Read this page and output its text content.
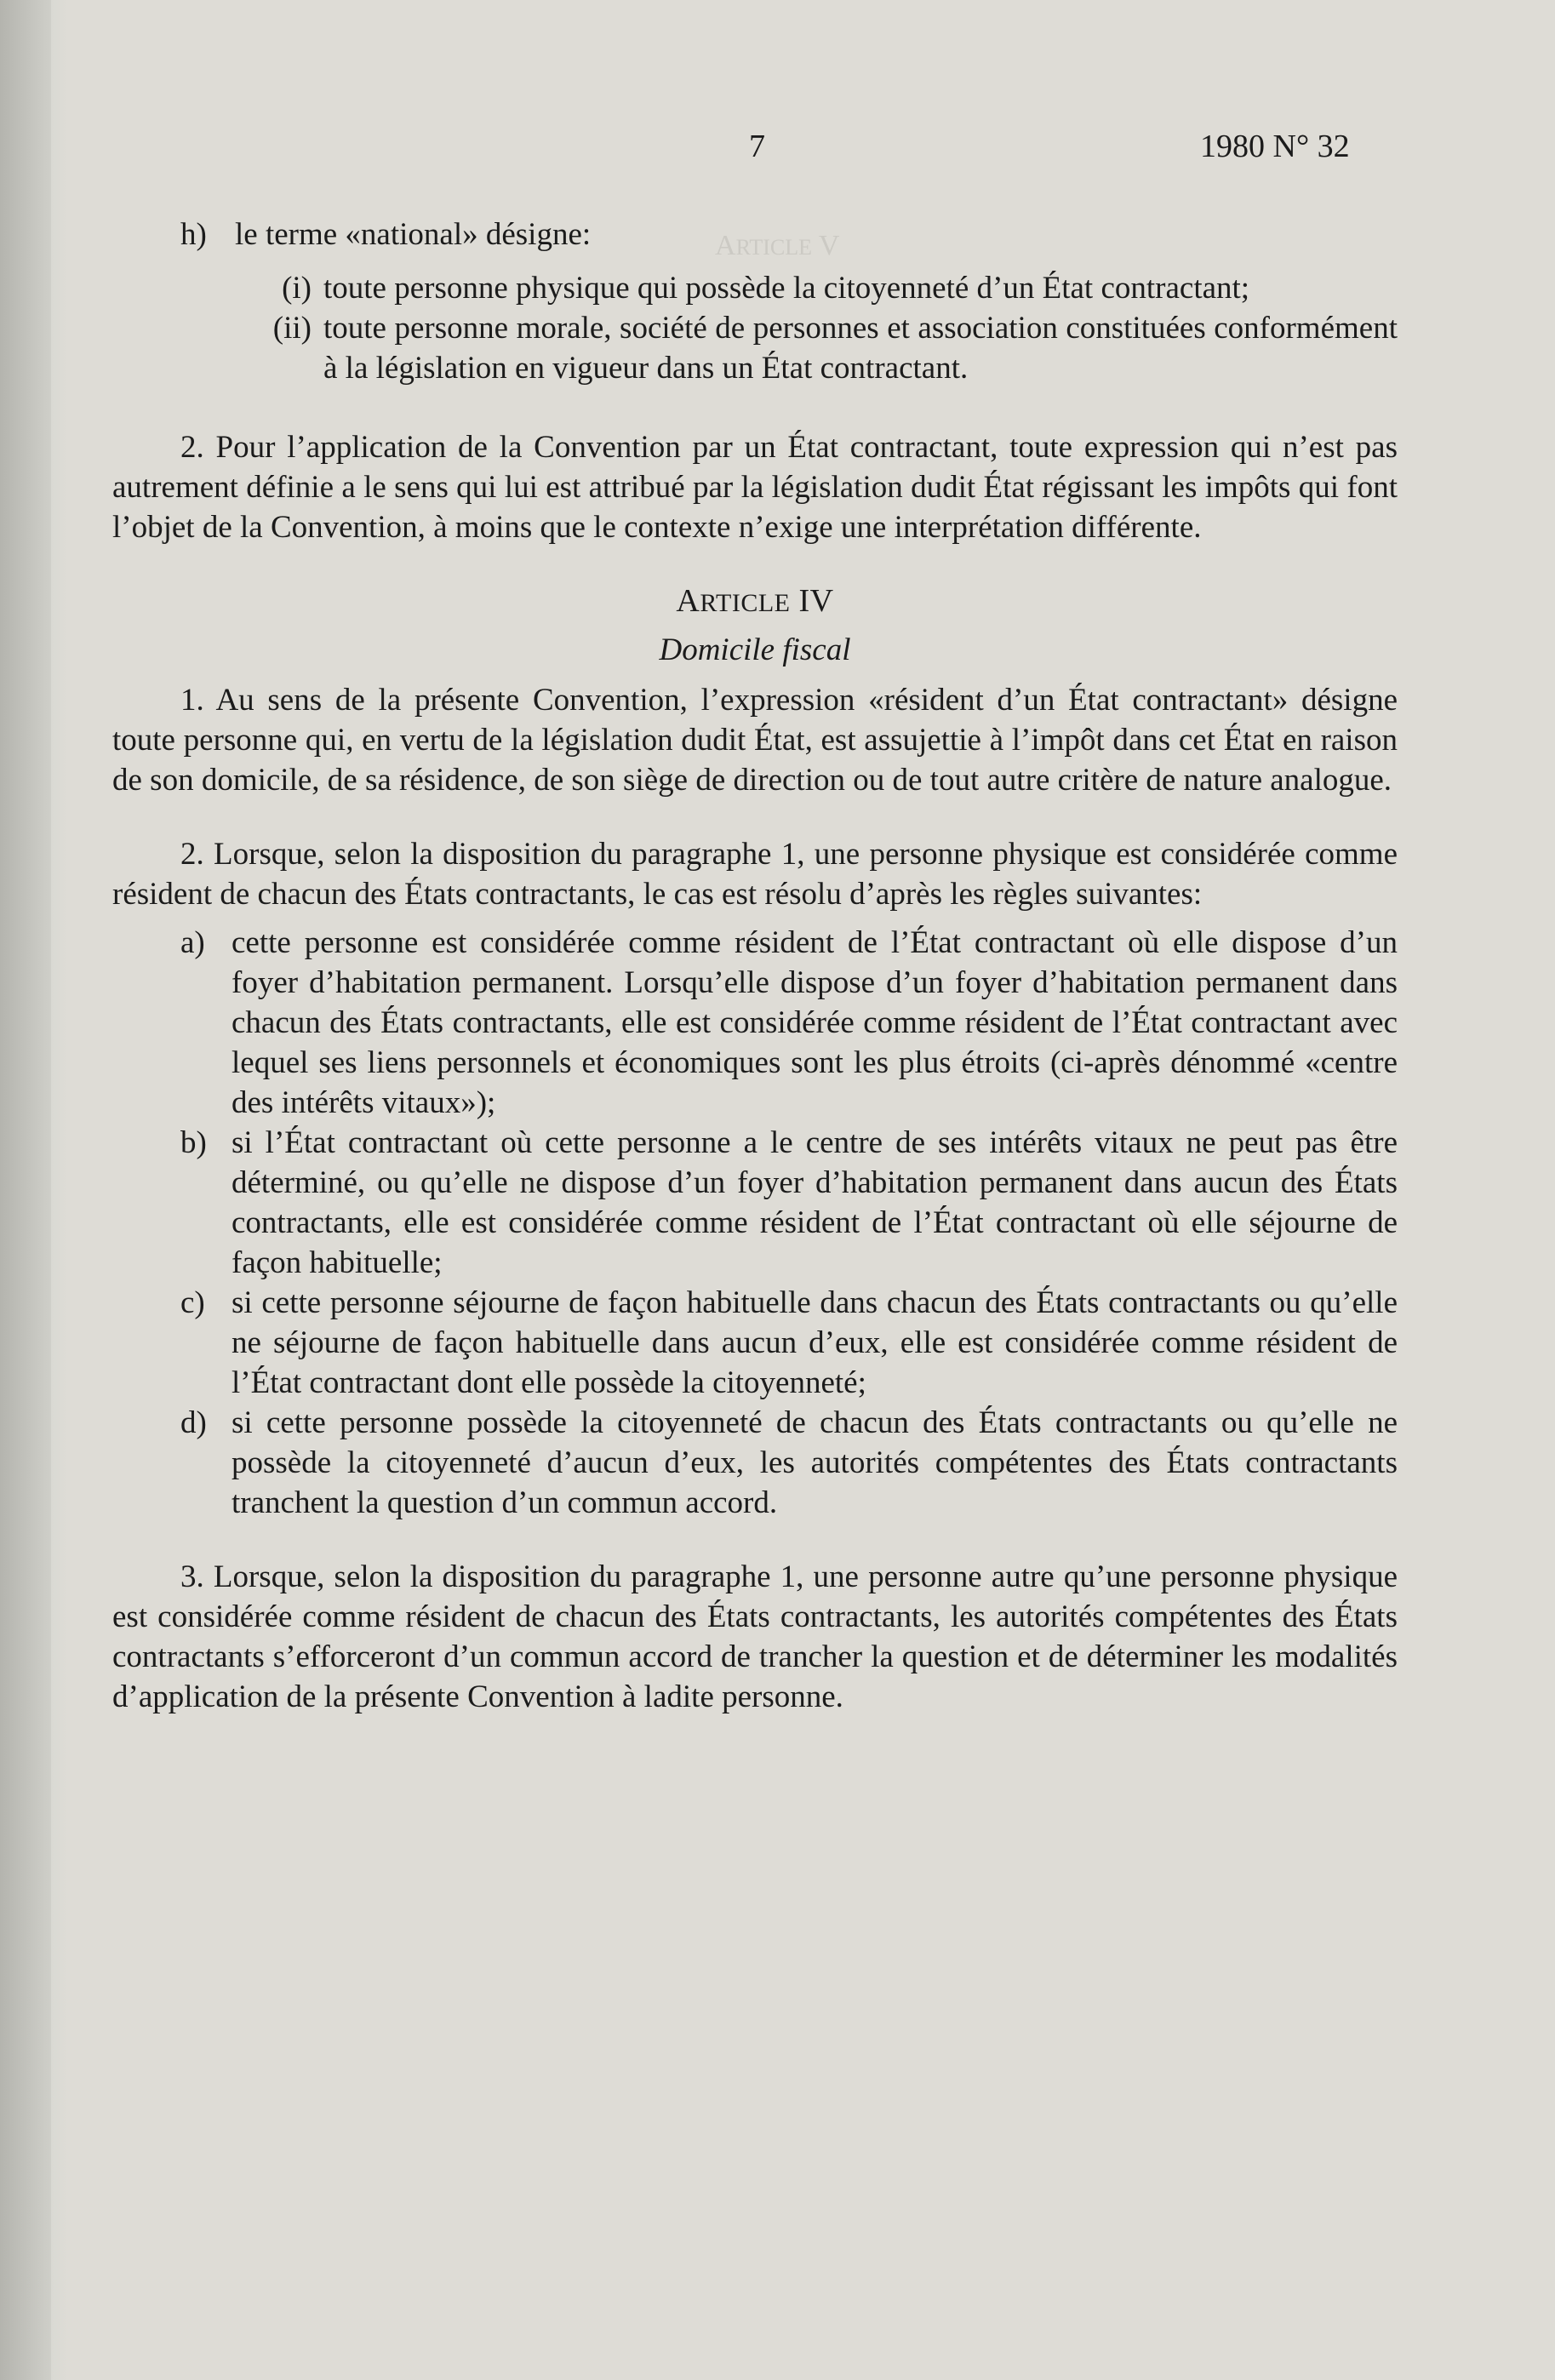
ARTICLE V
7	1980 N° 32
h) le terme «national» désigne:
(i) toute personne physique qui possède la citoyenneté d’un État contractant;
(ii) toute personne morale, société de personnes et association constituées conformément à la législation en vigueur dans un État contractant.

2. Pour l’application de la Convention par un État contractant, toute expression qui n’est pas autrement définie a le sens qui lui est attribué par la législation dudit État régissant les impôts qui font l’objet de la Convention, à moins que le contexte n’exige une interprétation différente.

ARTICLE IV
Domicile fiscal

1. Au sens de la présente Convention, l’expression «résident d’un État contractant» désigne toute personne qui, en vertu de la législation dudit État, est assujettie à l’impôt dans cet État en raison de son domicile, de sa résidence, de son siège de direction ou de tout autre critère de nature analogue.

2. Lorsque, selon la disposition du paragraphe 1, une personne physique est considérée comme résident de chacun des États contractants, le cas est résolu d’après les règles suivantes:

a) cette personne est considérée comme résident de l’État contractant où elle dispose d’un foyer d’habitation permanent. Lorsqu’elle dispose d’un foyer d’habitation permanent dans chacun des États contractants, elle est considérée comme résident de l’État contractant avec lequel ses liens personnels et économiques sont les plus étroits (ci-après dénommé «centre des intérêts vitaux»);
b) si l’État contractant où cette personne a le centre de ses intérêts vitaux ne peut pas être déterminé, ou qu’elle ne dispose d’un foyer d’habitation permanent dans aucun des États contractants, elle est considérée comme résident de l’État contractant où elle séjourne de façon habituelle;
c) si cette personne séjourne de façon habituelle dans chacun des États contractants ou qu’elle ne séjourne de façon habituelle dans aucun d’eux, elle est considérée comme résident de l’État contractant dont elle possède la citoyenneté;
d) si cette personne possède la citoyenneté de chacun des États contractants ou qu’elle ne possède la citoyenneté d’aucun d’eux, les autorités compétentes des États contractants tranchent la question d’un commun accord.

3. Lorsque, selon la disposition du paragraphe 1, une personne autre qu’une personne physique est considérée comme résident de chacun des États contractants, les autorités compétentes des États contractants s’efforceront d’un commun accord de trancher la question et de déterminer les modalités d’application de la présente Convention à ladite personne.
